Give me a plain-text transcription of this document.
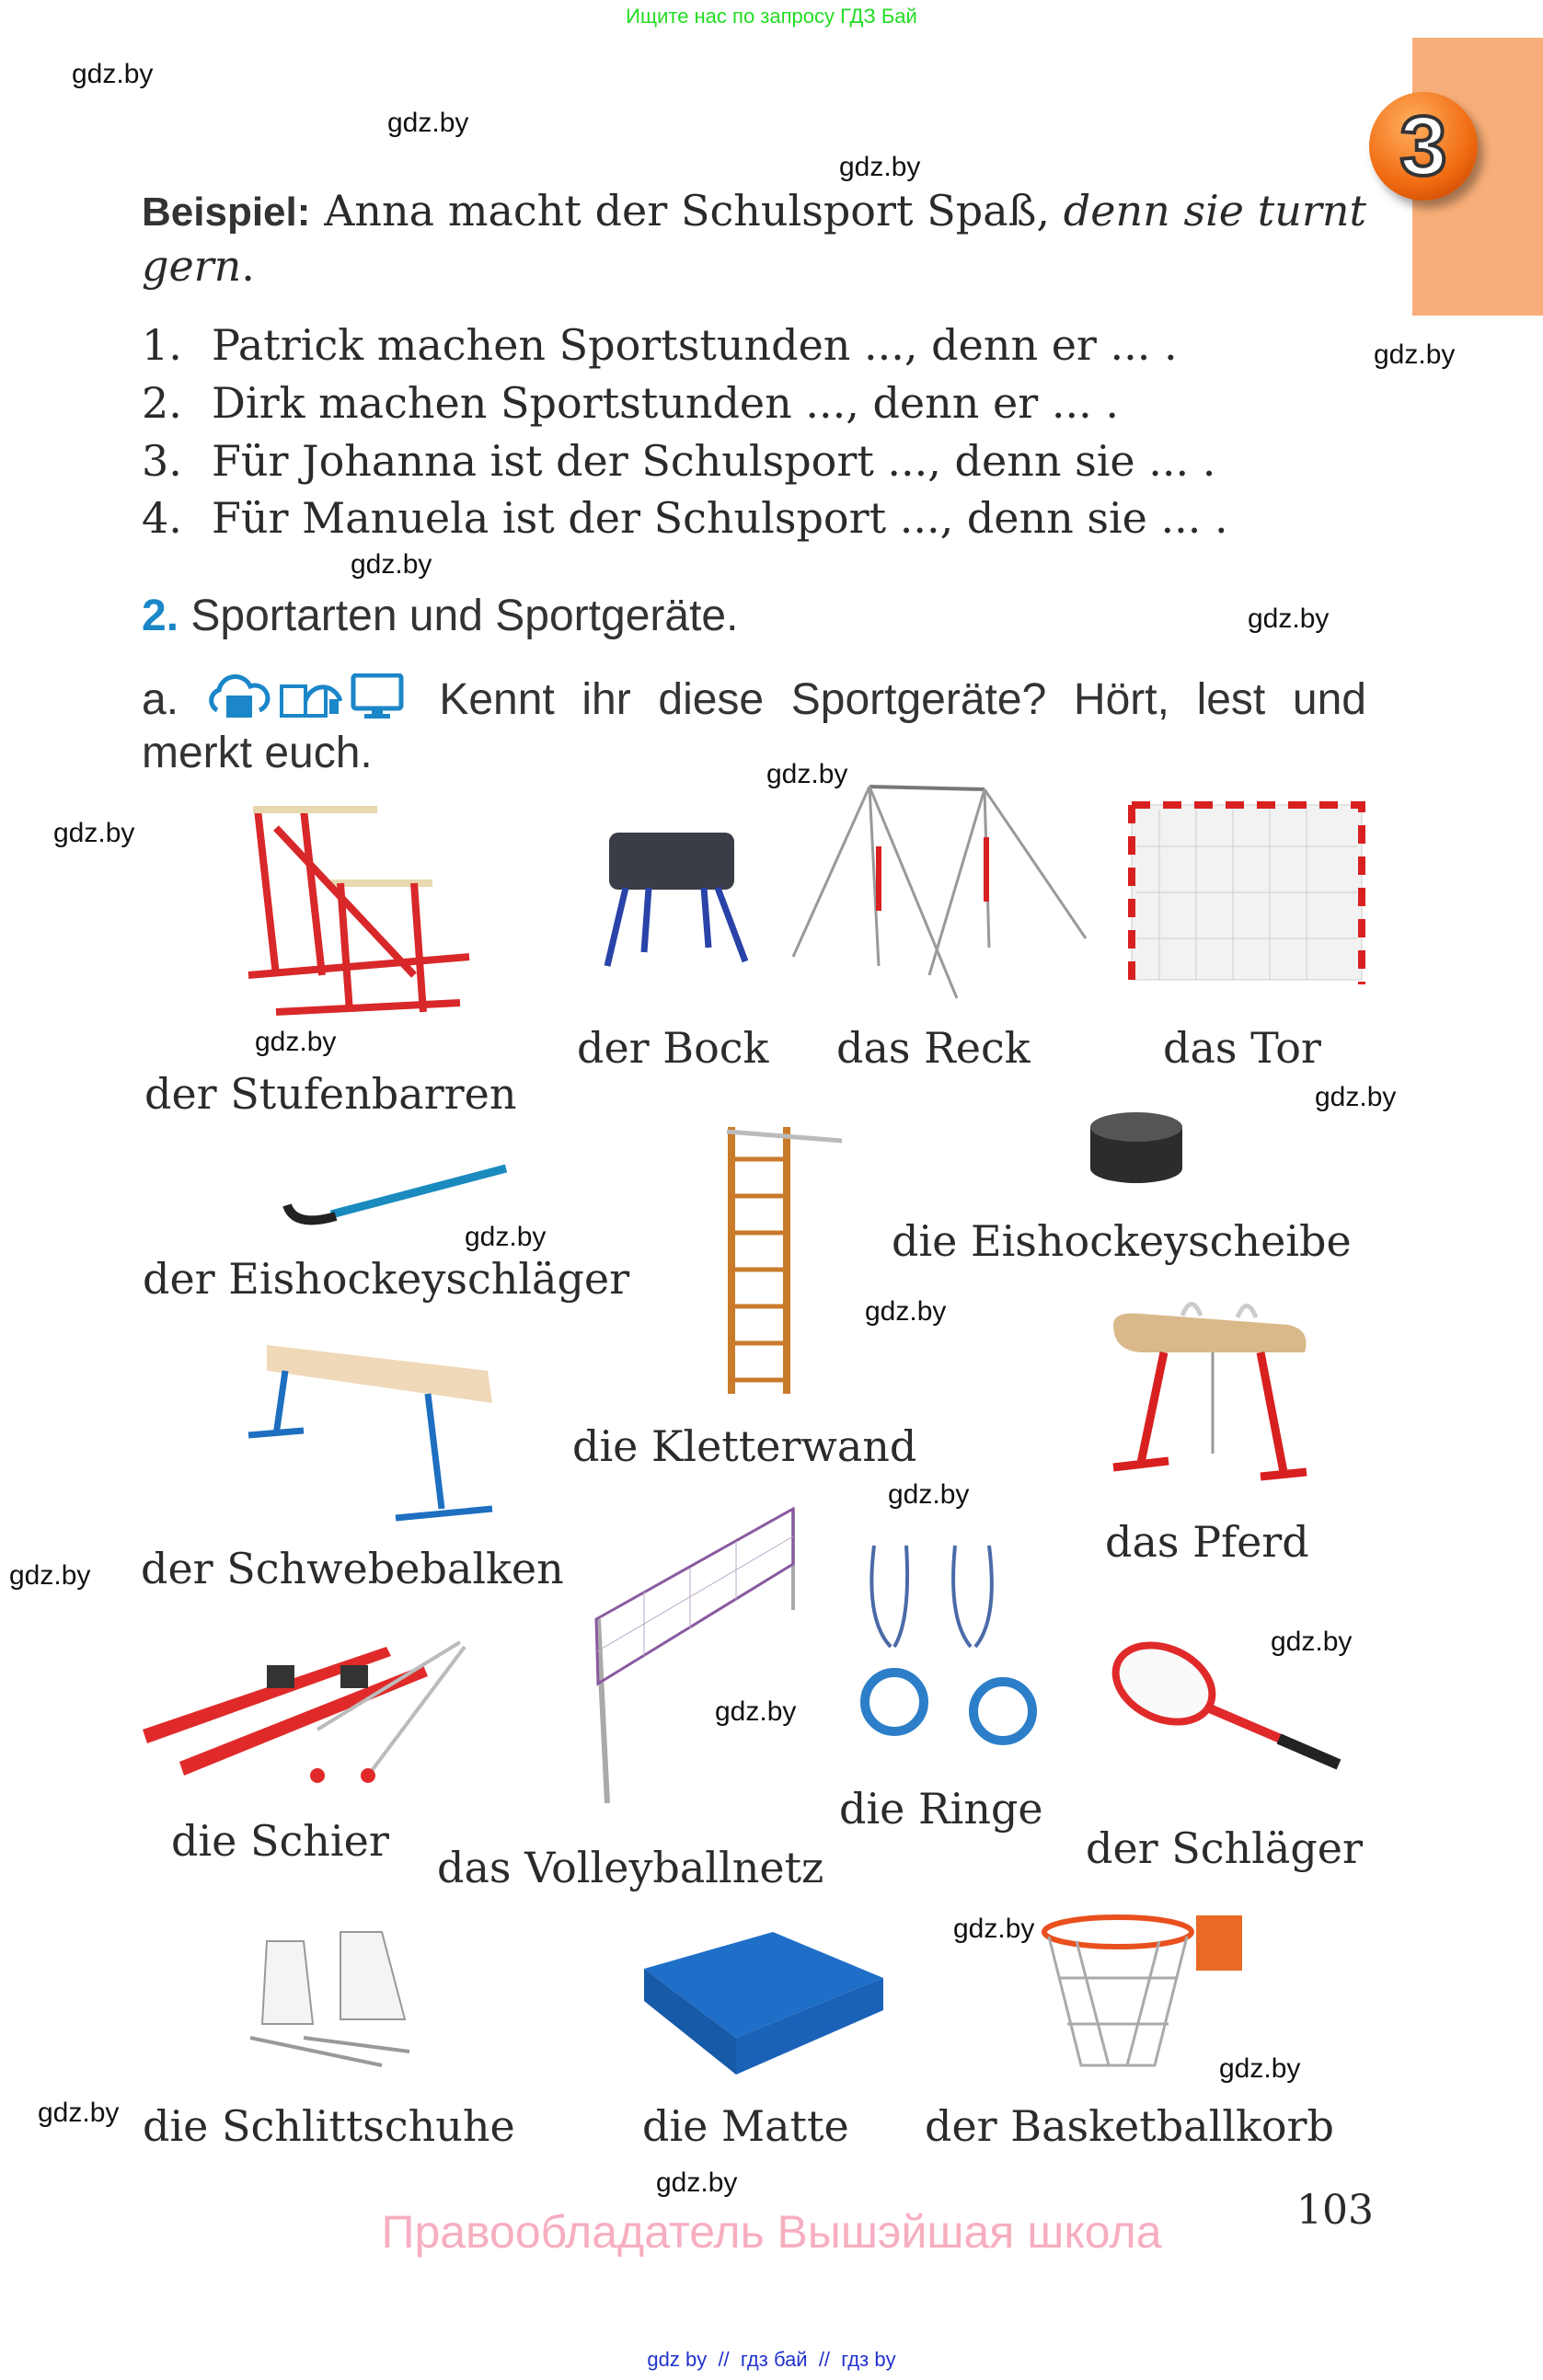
Ищите нас по запросу ГДЗ Бай
3
Beispiel: Anna macht der Schulsport Spaß, denn sie turnt gern.
1. Patrick machen Sportstunden ..., denn er ... .
2. Dirk machen Sportstunden ..., denn er ... .
3. Für Johanna ist der Schulsport ..., denn sie ... .
4. Für Manuela ist der Schulsport ..., denn sie ... .
2. Sportarten und Sportgeräte.
a.	Kennt ihr diese Sportgeräte? Hört, lest und merkt euch.
der Stufenbarren
der Bock das Reck	das Tor
der Eishockeyschläger
die Eishockeyscheibe
die Kletterwand
das Pferd
der Schwebebalken
die Schier
das Volleyballnetz
die Ringe
der Schläger
die Schlittschuhe	die Matte der Basketballkorb
gdz.by
gdz.by
gdz.by
gdz.by
gdz.by
gdz.by
gdz.by
gdz.by
gdz.by
gdz.by
gdz.by
gdz.by
gdz.by
gdz.by
gdz.by
gdz.by
gdz.by
gdz.by
gdz.by
gdz.by
103
Правообладатель Вышэйшая школа
gdz by  //  гдз бай  //  гдз by
